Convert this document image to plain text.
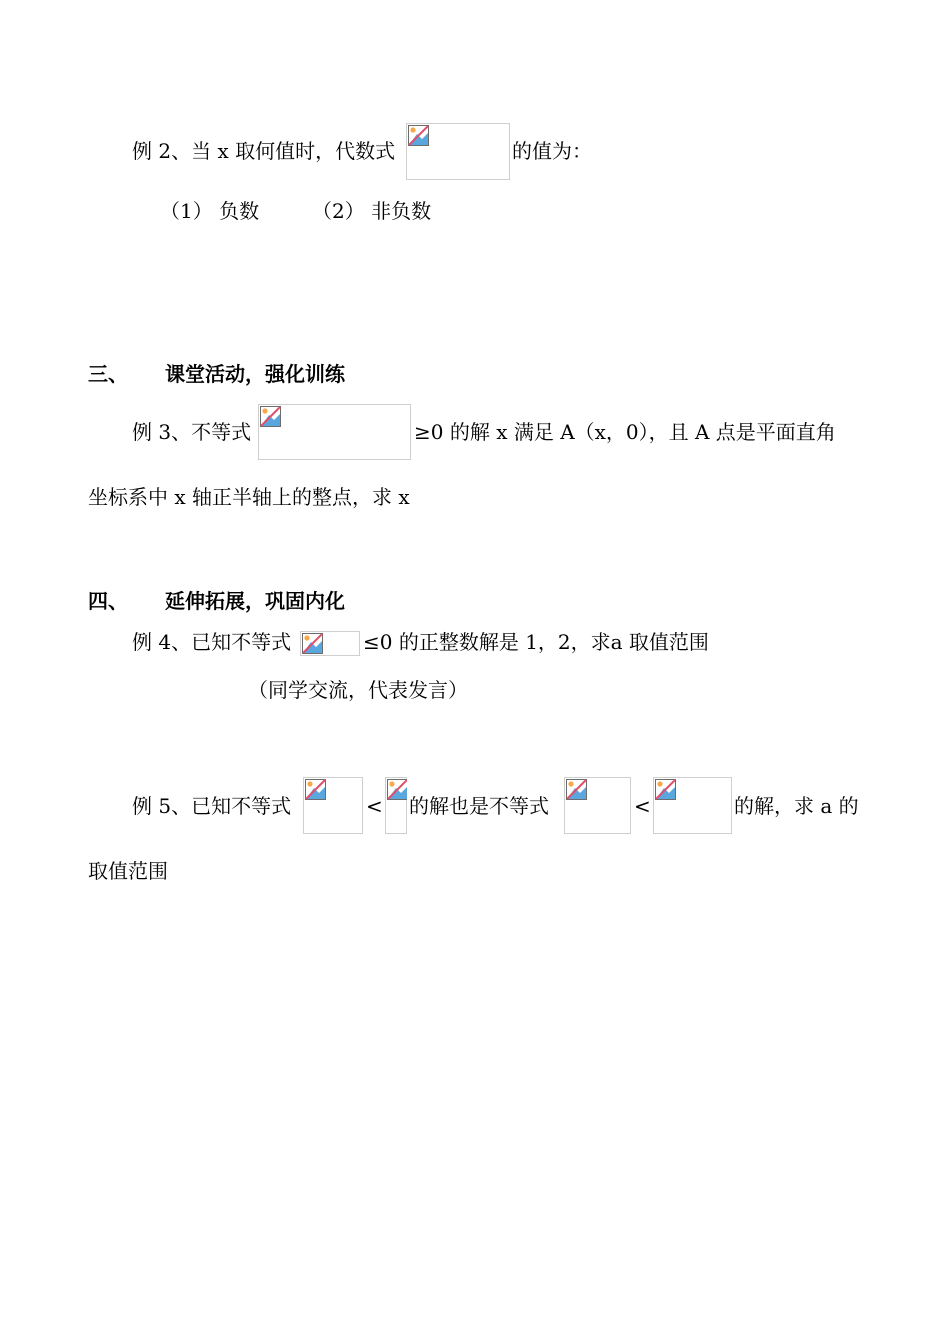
例 2、当 x 取何值时，代数式	的值为：
（1） 负数	（2） 非负数
三、 课堂活动，强化训练
例 3、不等式	≥0 的解 x 满足 A（x，0），且 A 点是平面直角
坐标系中 x 轴正半轴上的整点，求 x
四、 延伸拓展，巩固内化
例 4、已知不等式	≤0 的正整数解是 1，2，求a 取值范围
（同学交流，代表发言）
例 5、已知不等式	< 的解也是不等式	<	的解，求 a 的
取值范围
